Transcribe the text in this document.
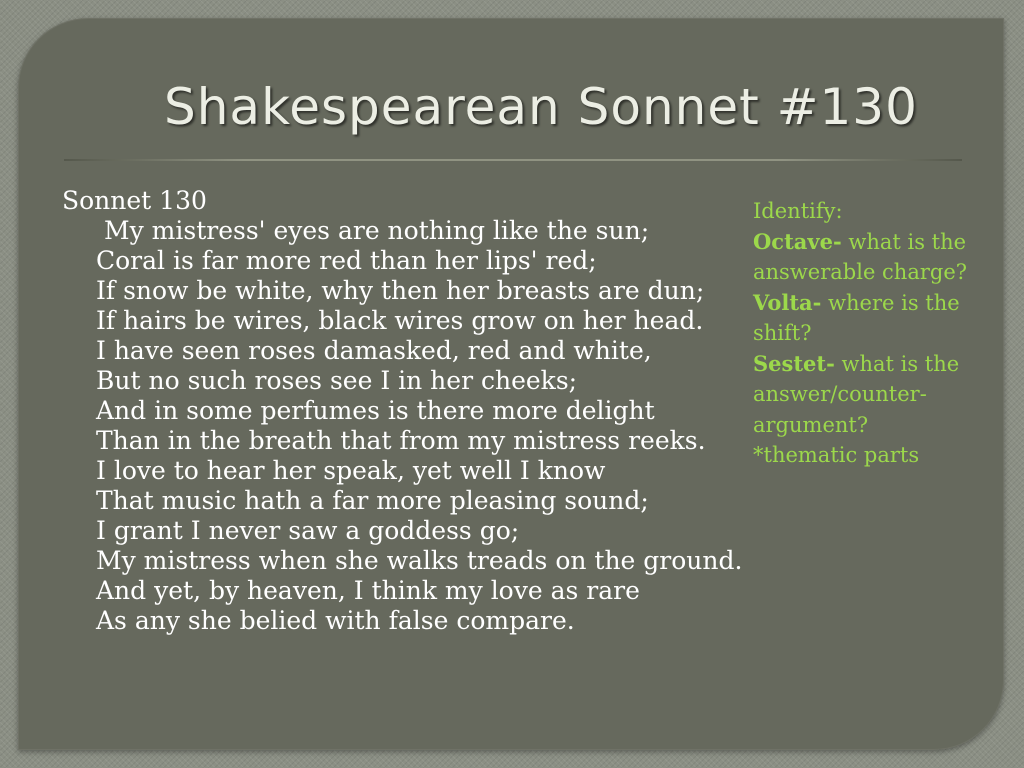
Shakespearean Sonnet #130
Sonnet 130
My mistress' eyes are nothing like the sun;
Coral is far more red than her lips' red;
If snow be white, why then her breasts are dun;
If hairs be wires, black wires grow on her head.
I have seen roses damasked, red and white,
But no such roses see I in her cheeks;
And in some perfumes is there more delight
Than in the breath that from my mistress reeks.
I love to hear her speak, yet well I know
That music hath a far more pleasing sound;
I grant I never saw a goddess go;
My mistress when she walks treads on the ground.
And yet, by heaven, I think my love as rare
As any she belied with false compare.
Identify:
Octave- what is the answerable charge?
Volta- where is the shift?
Sestet- what is the answer/counter-argument?
*thematic parts
